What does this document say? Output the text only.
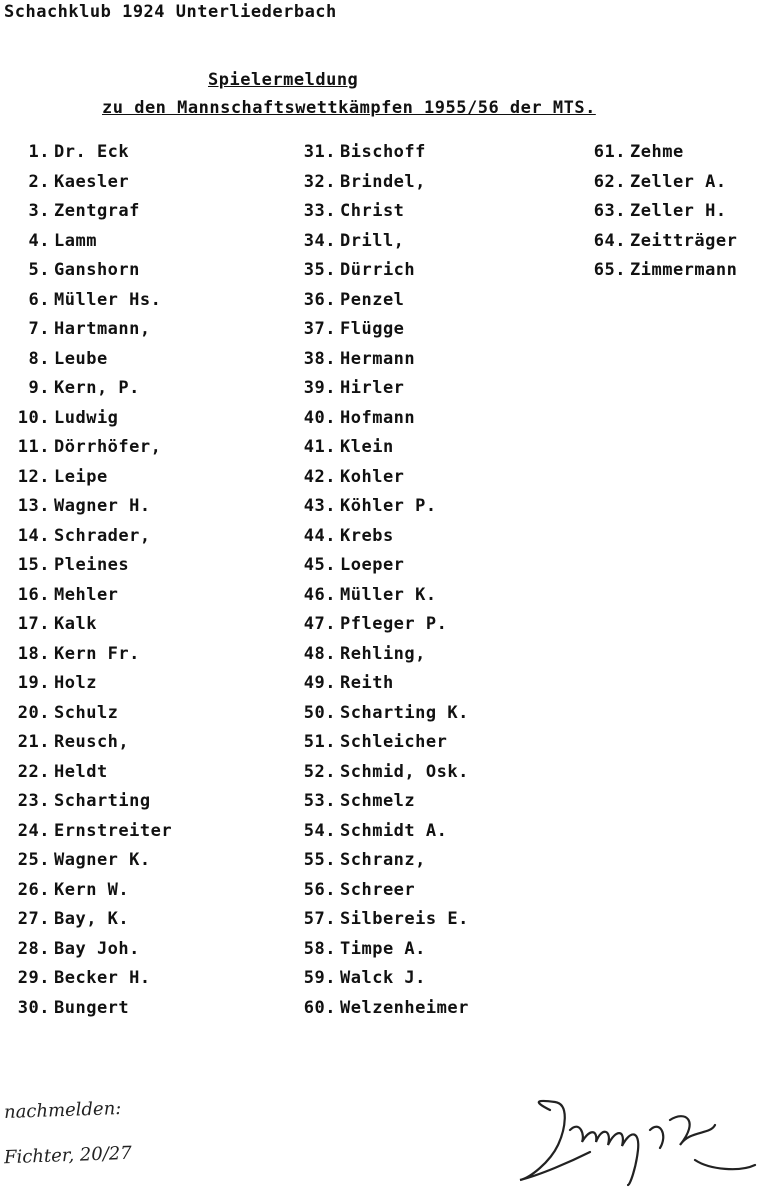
Schachklub 1924 Unterliederbach
Spielermeldung
zu den Mannschaftswettkämpfen 1955/56 der MTS.
1. Dr. Eck
2. Kaesler
3. Zentgraf
4. Lamm
5. Ganshorn
6. Müller Hs.
7. Hartmann,
8. Leube
9. Kern, P.
10. Ludwig
11. Dörrhöfer,
12. Leipe
13. Wagner H.
14. Schrader,
15. Pleines
16. Mehler
17. Kalk
18. Kern Fr.
19. Holz
20. Schulz
21. Reusch,
22. Heldt
23. Scharting
24. Ernstreiter
25. Wagner K.
26. Kern W.
27. Bay, K.
28. Bay Joh.
29. Becker H.
30. Bungert
31. Bischoff
32. Brindel,
33. Christ
34. Drill,
35. Dürrich
36. Penzel
37. Flügge
38. Hermann
39. Hirler
40. Hofmann
41. Klein
42. Kohler
43. Köhler P.
44. Krebs
45. Loeper
46. Müller K.
47. Pfleger P.
48. Rehling,
49. Reith
50. Scharting K.
51. Schleicher
52. Schmid, Osk.
53. Schmelz
54. Schmidt A.
55. Schranz,
56. Schreer
57. Silbereis E.
58. Timpe A.
59. Walck J.
60. Welzenheimer
61. Zehme
62. Zeller A.
63. Zeller H.
64. Zeitträger
65. Zimmermann
nachmelden:
Fichter, 20/27
